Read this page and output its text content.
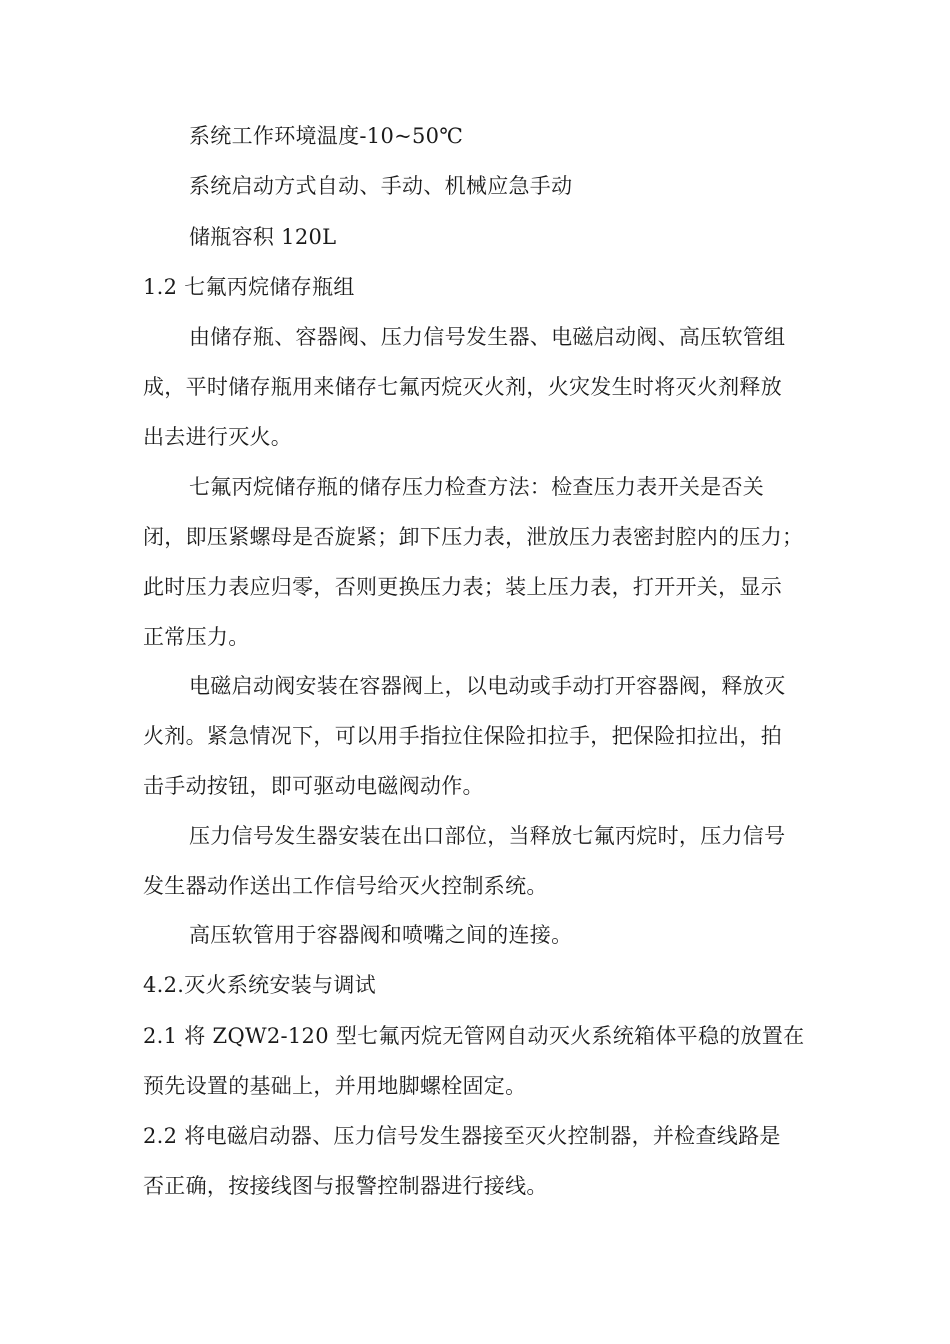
系统工作环境温度-10~50℃
系统启动方式自动、手动、机械应急手动
储瓶容积 120L
1.2 七氟丙烷储存瓶组
由储存瓶、容器阀、压力信号发生器、电磁启动阀、高压软管组
成，平时储存瓶用来储存七氟丙烷灭火剂，火灾发生时将灭火剂释放
出去进行灭火。
七氟丙烷储存瓶的储存压力检查方法：检查压力表开关是否关
闭，即压紧螺母是否旋紧；卸下压力表，泄放压力表密封腔内的压力；
此时压力表应归零，否则更换压力表；装上压力表，打开开关，显示
正常压力。
电磁启动阀安装在容器阀上，以电动或手动打开容器阀，释放灭
火剂。紧急情况下，可以用手指拉住保险扣拉手，把保险扣拉出，拍
击手动按钮，即可驱动电磁阀动作。
压力信号发生器安装在出口部位，当释放七氟丙烷时，压力信号
发生器动作送出工作信号给灭火控制系统。
高压软管用于容器阀和喷嘴之间的连接。
4.2.灭火系统安装与调试
2.1 将 ZQW2-120 型七氟丙烷无管网自动灭火系统箱体平稳的放置在
预先设置的基础上，并用地脚螺栓固定。
2.2 将电磁启动器、压力信号发生器接至灭火控制器，并检查线路是
否正确，按接线图与报警控制器进行接线。
